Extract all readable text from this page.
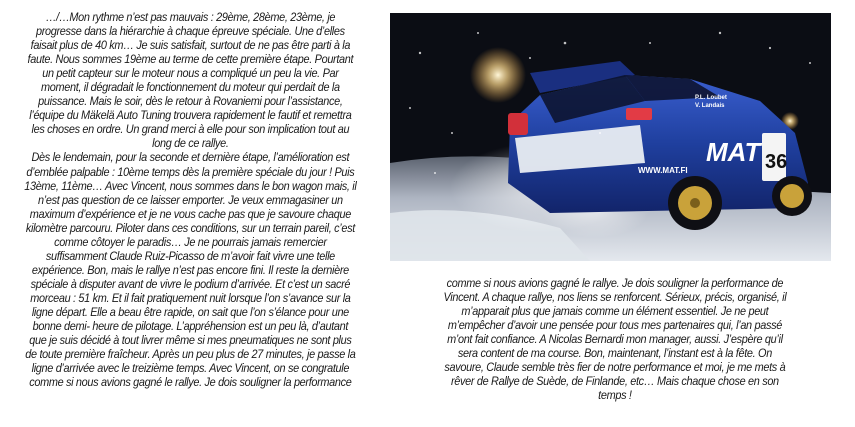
…/…Mon rythme n’est pas mauvais : 29ème, 28ème, 23ème, je progresse dans la hiérarchie à chaque épreuve spéciale. Une d’elles faisait plus de 40 km… Je suis satisfait, surtout de ne pas être parti à la faute. Nous sommes 19ème au terme de cette première étape. Pourtant un petit capteur sur le moteur nous a compliqué un peu la vie. Par moment, il dégradait le fonctionnement du moteur qui perdait de la puissance. Mais le soir, dès le retour à Rovaniemi pour l’assistance, l’équipe du Mäkelä Auto Tuning trouvera rapidement le fautif et remettra les choses en ordre. Un grand merci à elle pour son implication tout au long de ce rallye.

Dès le lendemain, pour la seconde et dernière étape, l’amélioration est d’emblée palpable : 10ème temps dès la première spéciale du jour ! Puis 13ème, 11ème… Avec Vincent, nous sommes dans le bon wagon mais, il n’est pas question de ce laisser emporter. Je veux emmagasiner un maximum d’expérience et je ne vous cache pas que je savoure chaque kilomètre parcouru. Piloter dans ces conditions, sur un terrain pareil, c’est comme côtoyer le paradis… Je ne pourrais jamais remercier suffisamment Claude Ruiz-Picasso de m’avoir fait vivre une telle expérience. Bon, mais le rallye n’est pas encore fini. Il reste la dernière spéciale à disputer avant de vivre le podium d’arrivée. Et c’est un sacré morceau : 51 km. Et il fait pratiquement nuit lorsque l’on s’avance sur la ligne départ. Elle a beau être rapide, on sait que l’on s’élance pour une bonne demi- heure de pilotage. L’appréhension est un peu là, d’autant que je suis décidé à tout livrer même si mes pneumatiques ne sont plus de toute première fraîcheur. Après un peu plus de 27 minutes, je passe la ligne d’arrivée avec le treizième temps. Avec Vincent, on se congratule comme si nous avions gagné le rallye. Je dois souligner la performance

MAT
WWW.MAT.FI	36
P.L. Loubet
V. Landais

comme si nous avions gagné le rallye. Je dois souligner la performance de Vincent. A chaque rallye, nos liens se renforcent. Sérieux, précis, organisé, il m’apparait plus que jamais comme un élément essentiel. Je ne peut m’empêcher d’avoir une pensée pour tous mes partenaires qui, l’an passé m’ont fait confiance. A Nicolas Bernardi mon manager, aussi. J’espère qu’il sera content de ma course. Bon, maintenant, l’instant est à la fête. On savoure, Claude semble très fier de notre performance et moi, je me mets à rêver de Rallye de Suède, de Finlande, etc… Mais chaque chose en son temps !
